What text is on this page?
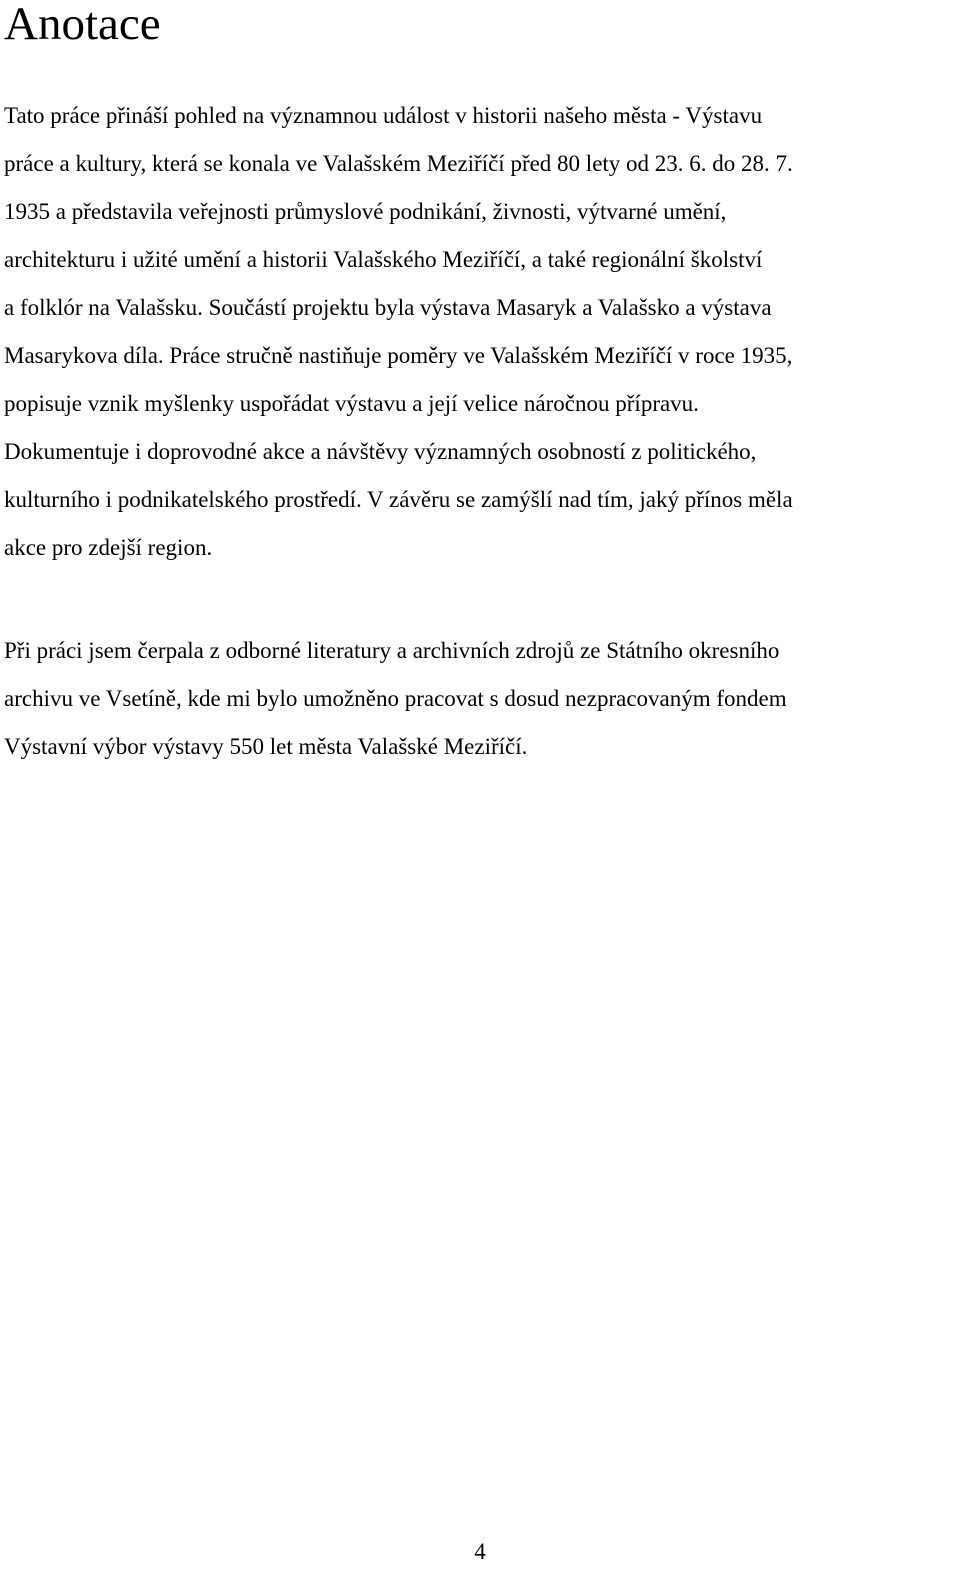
Anotace

Tato práce přináší pohled na významnou událost v historii našeho města - Výstavu
práce a kultury, která se konala ve Valašském Meziříčí před 80 lety od 23. 6. do 28. 7.
1935 a představila veřejnosti průmyslové podnikání, živnosti, výtvarné umění,
architekturu i užité umění a historii Valašského Meziříčí, a také regionální školství
a folklór na Valašsku. Součástí projektu byla výstava Masaryk a Valašsko a výstava
Masarykova díla. Práce stručně nastiňuje poměry ve Valašském Meziříčí v roce 1935,
popisuje vznik myšlenky uspořádat výstavu a její velice náročnou přípravu.
Dokumentuje i doprovodné akce a návštěvy významných osobností z politického,
kulturního i podnikatelského prostředí. V závěru se zamýšlí nad tím, jaký přínos měla
akce pro zdejší region.

Při práci jsem čerpala z odborné literatury a archivních zdrojů ze Státního okresního
archivu ve Vsetíně, kde mi bylo umožněno pracovat s dosud nezpracovaným fondem
Výstavní výbor výstavy 550 let města Valašské Meziříčí.

4
